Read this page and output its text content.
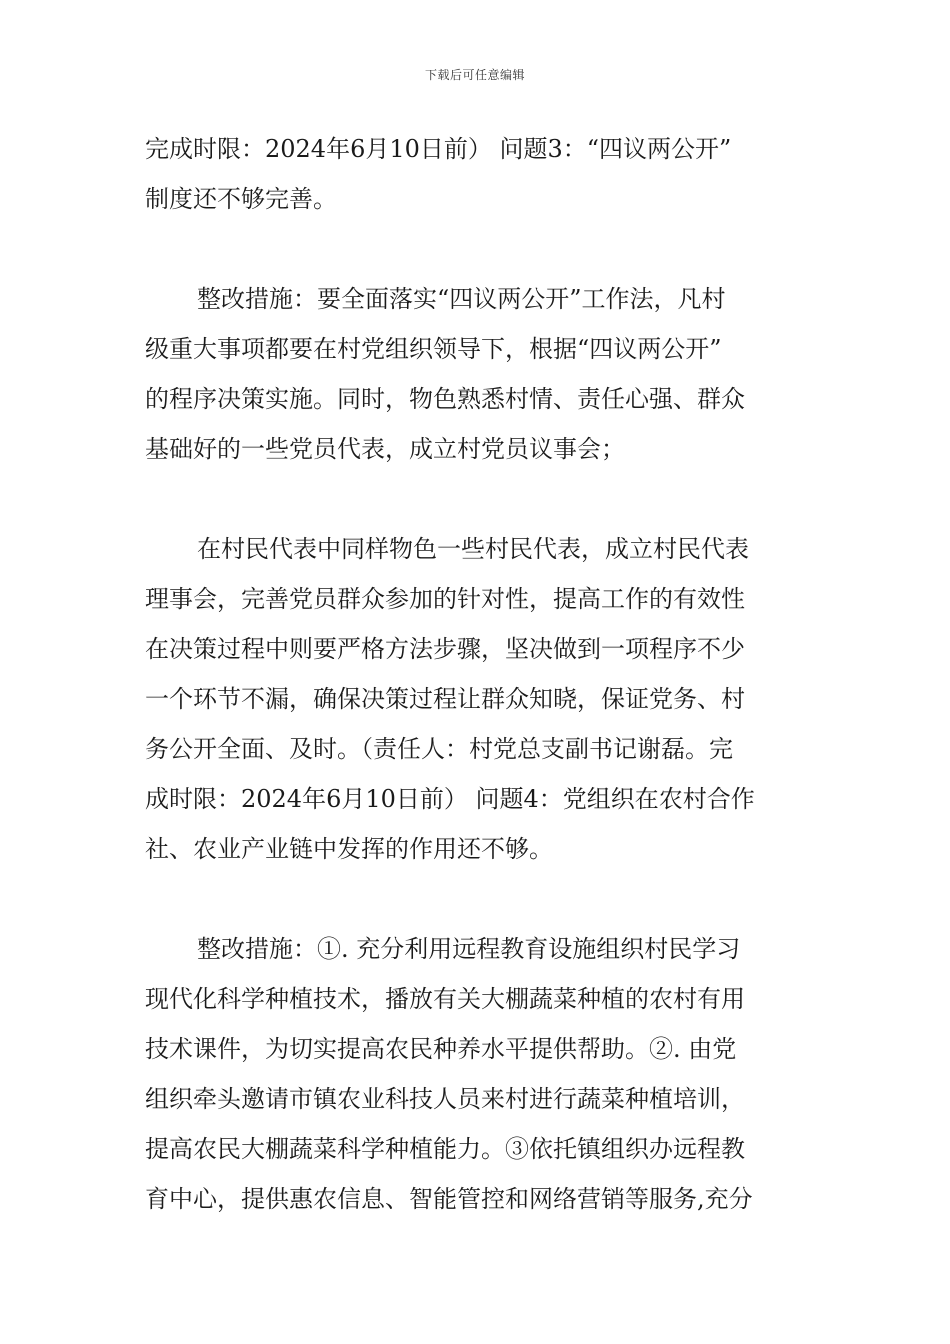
下载后可任意编辑
完成时限：2024年6月10日前） 问题3：“四议两公开”
制度还不够完善。
整改措施：要全面落实“四议两公开”工作法，凡村
级重大事项都要在村党组织领导下，根据“四议两公开”
的程序决策实施。同时，物色熟悉村情、责任心强、群众
基础好的一些党员代表，成立村党员议事会；
在村民代表中同样物色一些村民代表，成立村民代表
理事会，完善党员群众参加的针对性，提高工作的有效性
在决策过程中则要严格方法步骤，坚决做到一项程序不少
一个环节不漏，确保决策过程让群众知晓，保证党务、村
务公开全面、及时。（责任人：村党总支副书记谢磊。完
成时限：2024年6月10日前） 问题4：党组织在农村合作
社、农业产业链中发挥的作用还不够。
整改措施：①. 充分利用远程教育设施组织村民学习
现代化科学种植技术，播放有关大棚蔬菜种植的农村有用
技术课件，为切实提高农民种养水平提供帮助。②. 由党
组织牵头邀请市镇农业科技人员来村进行蔬菜种植培训，
提高农民大棚蔬菜科学种植能力。③依托镇组织办远程教
育中心，提供惠农信息、智能管控和网络营销等服务,充分
